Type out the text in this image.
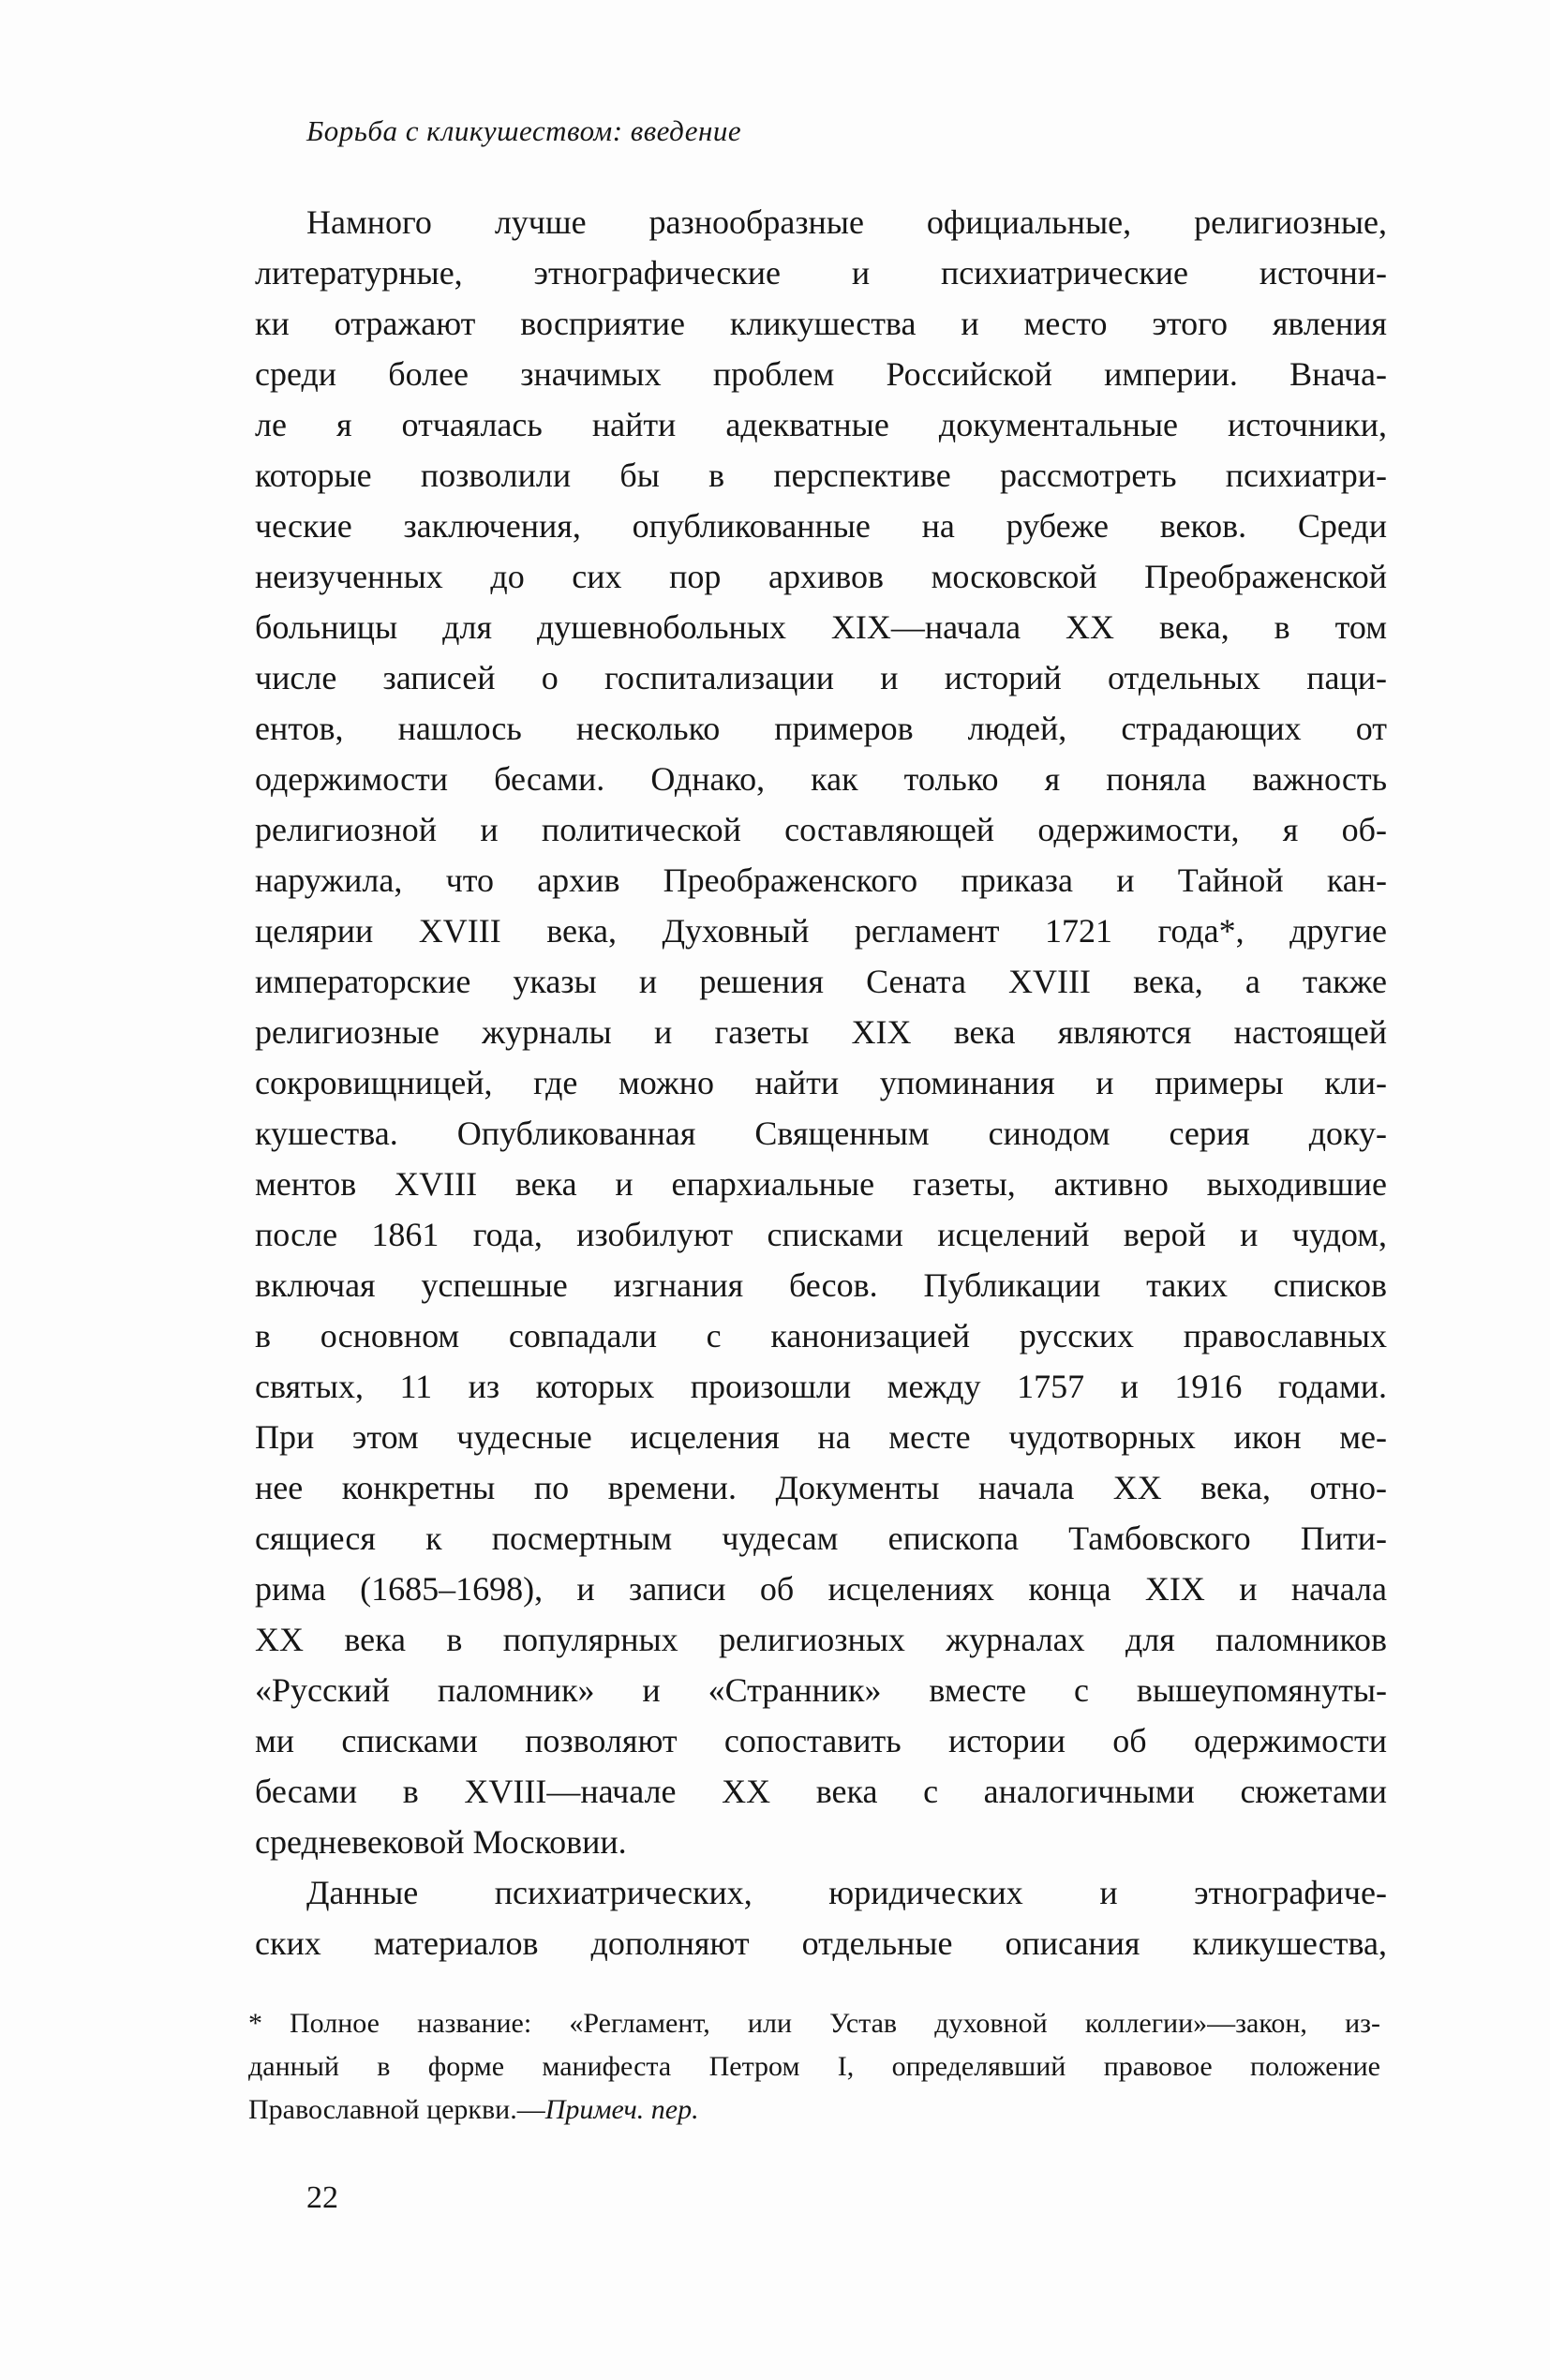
Борьба с кликушеством: введение
Намного лучше разнообразные официальные, религиозные,
литературные, этнографические и психиатрические источни-
ки отражают восприятие кликушества и место этого явления
среди более значимых проблем Российской империи. Внача-
ле я отчаялась найти адекватные документальные источники,
которые позволили бы в перспективе рассмотреть психиатри-
ческие заключения, опубликованные на рубеже веков. Среди
неизученных до сих пор архивов московской Преображенской
больницы для душевнобольных XIX—начала XX века, в том
числе записей о госпитализации и историй отдельных паци-
ентов, нашлось несколько примеров людей, страдающих от
одержимости бесами. Однако, как только я поняла важность
религиозной и политической составляющей одержимости, я об-
наружила, что архив Преображенского приказа и Тайной кан-
целярии XVIII века, Духовный регламент 1721 года*, другие
императорские указы и решения Сената XVIII века, а также
религиозные журналы и газеты XIX века являются настоящей
сокровищницей, где можно найти упоминания и примеры кли-
кушества. Опубликованная Священным синодом серия доку-
ментов XVIII века и епархиальные газеты, активно выходившие
после 1861 года, изобилуют списками исцелений верой и чудом,
включая успешные изгнания бесов. Публикации таких списков
в основном совпадали с канонизацией русских православных
святых, 11 из которых произошли между 1757 и 1916 годами.
При этом чудесные исцеления на месте чудотворных икон ме-
нее конкретны по времени. Документы начала XX века, отно-
сящиеся к посмертным чудесам епископа Тамбовского Пити-
рима (1685–1698), и записи об исцелениях конца XIX и начала
XX века в популярных религиозных журналах для паломников
«Русский паломник» и «Странник» вместе с вышеупомянуты-
ми списками позволяют сопоставить истории об одержимости
бесами в XVIII—начале XX века с аналогичными сюжетами
средневековой Московии.
Данные психиатрических, юридических и этнографиче-
ских материалов дополняют отдельные описания кликушества,
* Полное название: «Регламент, или Устав духовной коллегии»—закон, из-
данный в форме манифеста Петром I, определявший правовое положение
Православной церкви.—Примеч. пер.
22
